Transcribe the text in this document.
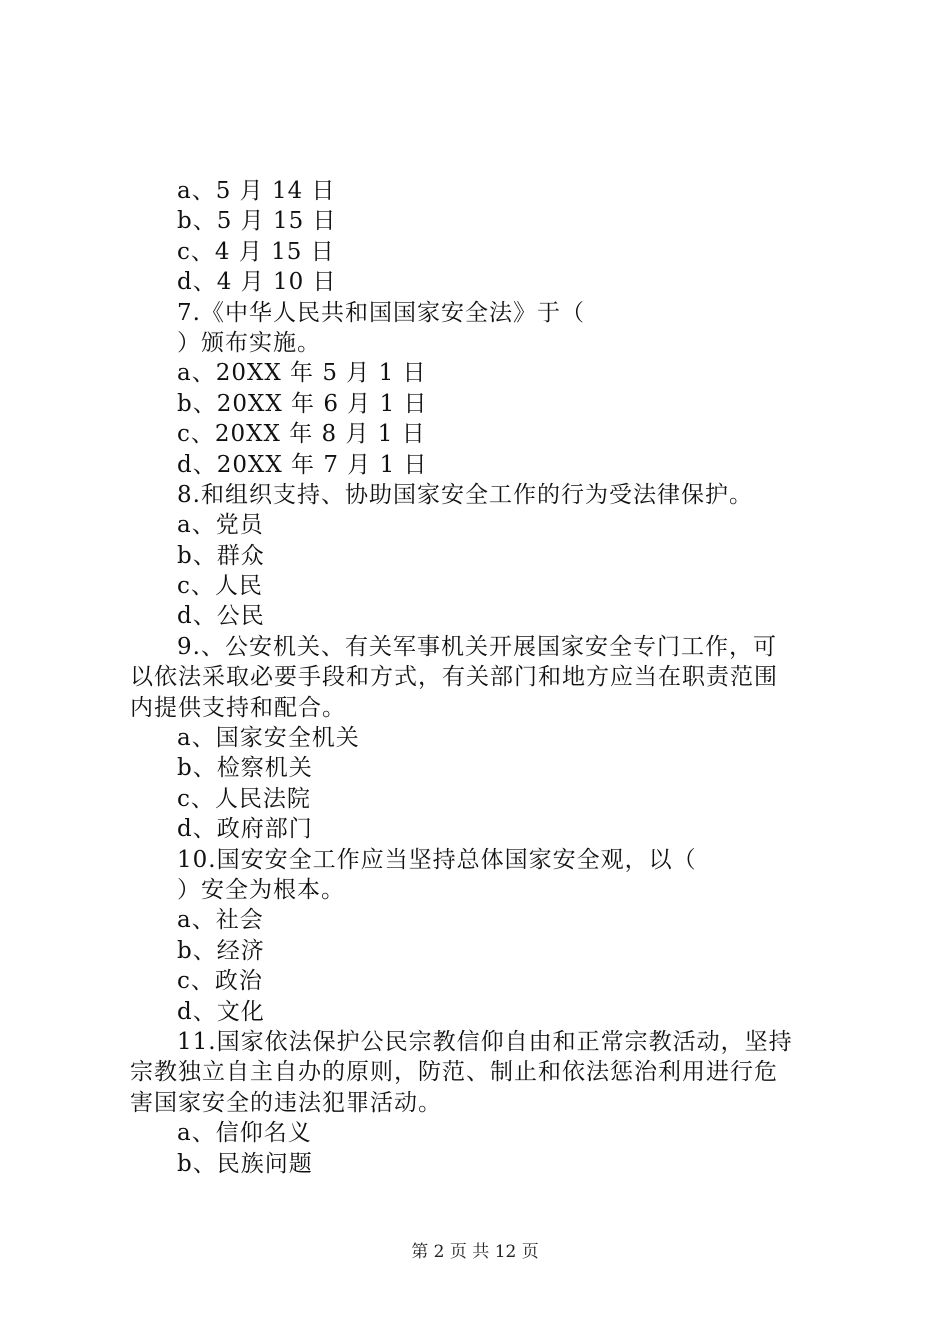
a、5 月 14 日
b、5 月 15 日
c、4 月 15 日
d、4 月 10 日
7.《中华人民共和国国家安全法》于（
）颁布实施。
a、20XX 年 5 月 1 日
b、20XX 年 6 月 1 日
c、20XX 年 8 月 1 日
d、20XX 年 7 月 1 日
8.和组织支持、协助国家安全工作的行为受法律保护。
a、党员
b、群众
c、人民
d、公民
9.、公安机关、有关军事机关开展国家安全专门工作，可
以依法采取必要手段和方式，有关部门和地方应当在职责范围
内提供支持和配合。
a、国家安全机关
b、检察机关
c、人民法院
d、政府部门
10.国安安全工作应当坚持总体国家安全观，以（
）安全为根本。
a、社会
b、经济
c、政治
d、文化
11.国家依法保护公民宗教信仰自由和正常宗教活动，坚持
宗教独立自主自办的原则，防范、制止和依法惩治利用进行危
害国家安全的违法犯罪活动。
a、信仰名义
b、民族问题
第 2 页 共 12 页
